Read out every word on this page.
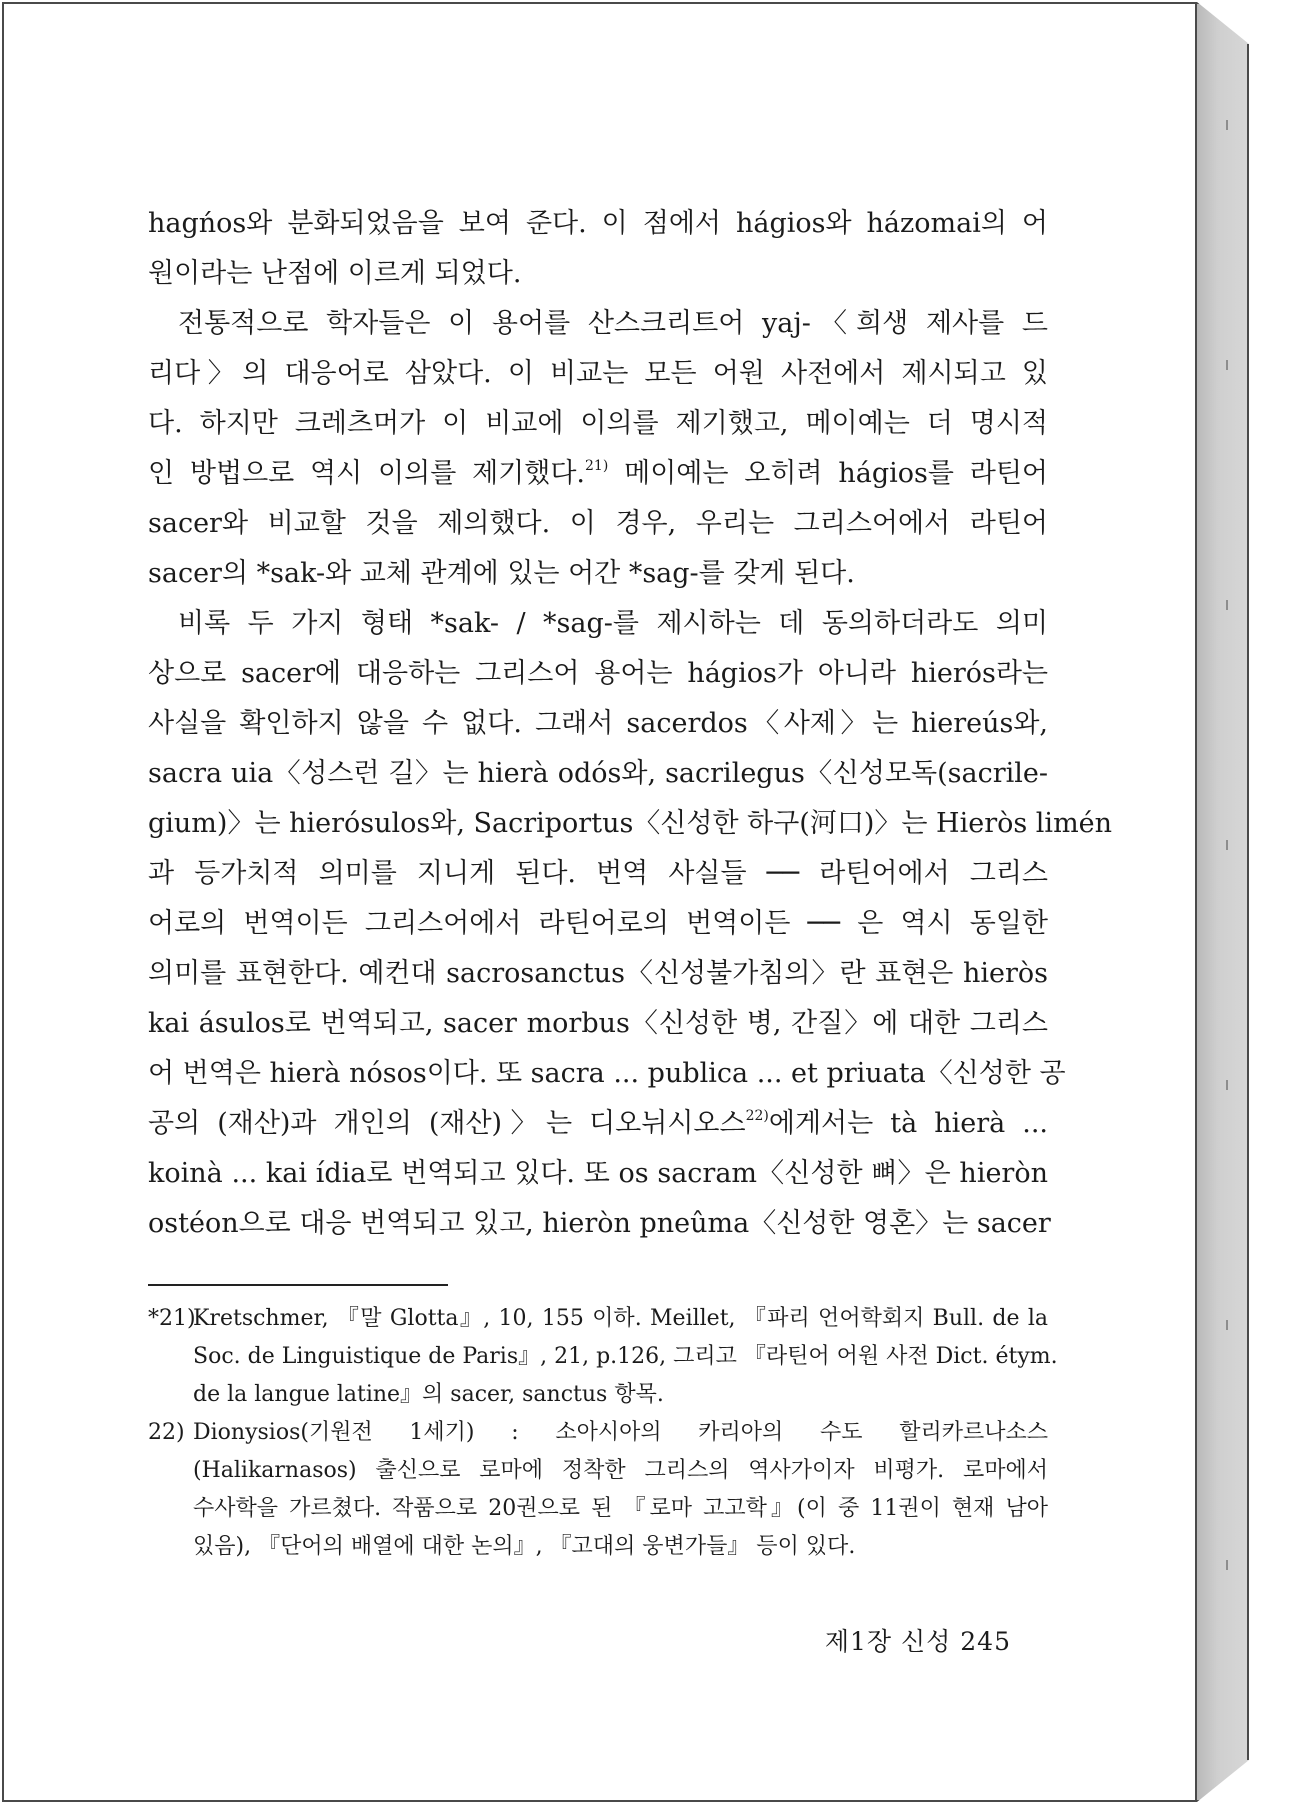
hagńos와 분화되었음을 보여 준다. 이 점에서 hágios와 házomai의 어
원이라는 난점에 이르게 되었다.
전통적으로 학자들은 이 용어를 산스크리트어 yaj-〈희생 제사를 드
리다〉의 대응어로 삼았다. 이 비교는 모든 어원 사전에서 제시되고 있
다. 하지만 크레츠머가 이 비교에 이의를 제기했고, 메이예는 더 명시적
인 방법으로 역시 이의를 제기했다.$^{21)}$ 메이예는 오히려 hágios를 라틴어
sacer와 비교할 것을 제의했다. 이 경우, 우리는 그리스어에서 라틴어
sacer의 *sak-와 교체 관계에 있는 어간 *sag-를 갖게 된다.
비록 두 가지 형태 *sak- / *sag-를 제시하는 데 동의하더라도 의미
상으로 sacer에 대응하는 그리스어 용어는 hágios가 아니라 hierós라는
사실을 확인하지 않을 수 없다. 그래서 sacerdos〈사제〉는 hiereús와,
sacra uia〈성스런 길〉는 hierà odós와, sacrilegus〈신성모독(sacrile-
gium)〉는 hierósulos와, Sacriportus〈신성한 하구(河口)〉는 Hieròs limén
과 등가치적 의미를 지니게 된다. 번역 사실들 ── 라틴어에서 그리스
어로의 번역이든 그리스어에서 라틴어로의 번역이든 ── 은 역시 동일한
의미를 표현한다. 예컨대 sacrosanctus〈신성불가침의〉란 표현은 hieròs
kai ásulos로 번역되고, sacer morbus〈신성한 병, 간질〉에 대한 그리스
어 번역은 hierà nósos이다. 또 sacra ... publica ... et priuata〈신성한 공
공의 (재산)과 개인의 (재산)〉는 디오뉘시오스$^{22)}$에게서는 tà hierà ...
koinà ... kai ídia로 번역되고 있다. 또 os sacram〈신성한 뼈〉은 hieròn
ostéon으로 대응 번역되고 있고, hieròn pneûma〈신성한 영혼〉는 sacer
*21)
Kretschmer, 『말 Glotta』, 10, 155 이하. Meillet, 『파리 언어학회지 Bull. de la
Soc. de Linguistique de Paris』, 21, p.126, 그리고 『라틴어 어원 사전 Dict. étym.
de la langue latine』의 sacer, sanctus 항목.
22) Dionysios(기원전 1세기) : 소아시아의 카리아의 수도 할리카르나소스
(Halikarnasos) 출신으로 로마에 정착한 그리스의 역사가이자 비평가. 로마에서
수사학을 가르쳤다. 작품으로 20권으로 된 『로마 고고학』(이 중 11권이 현재 남아
있음), 『단어의 배열에 대한 논의』, 『고대의 웅변가들』 등이 있다.
제1장 신성 245
